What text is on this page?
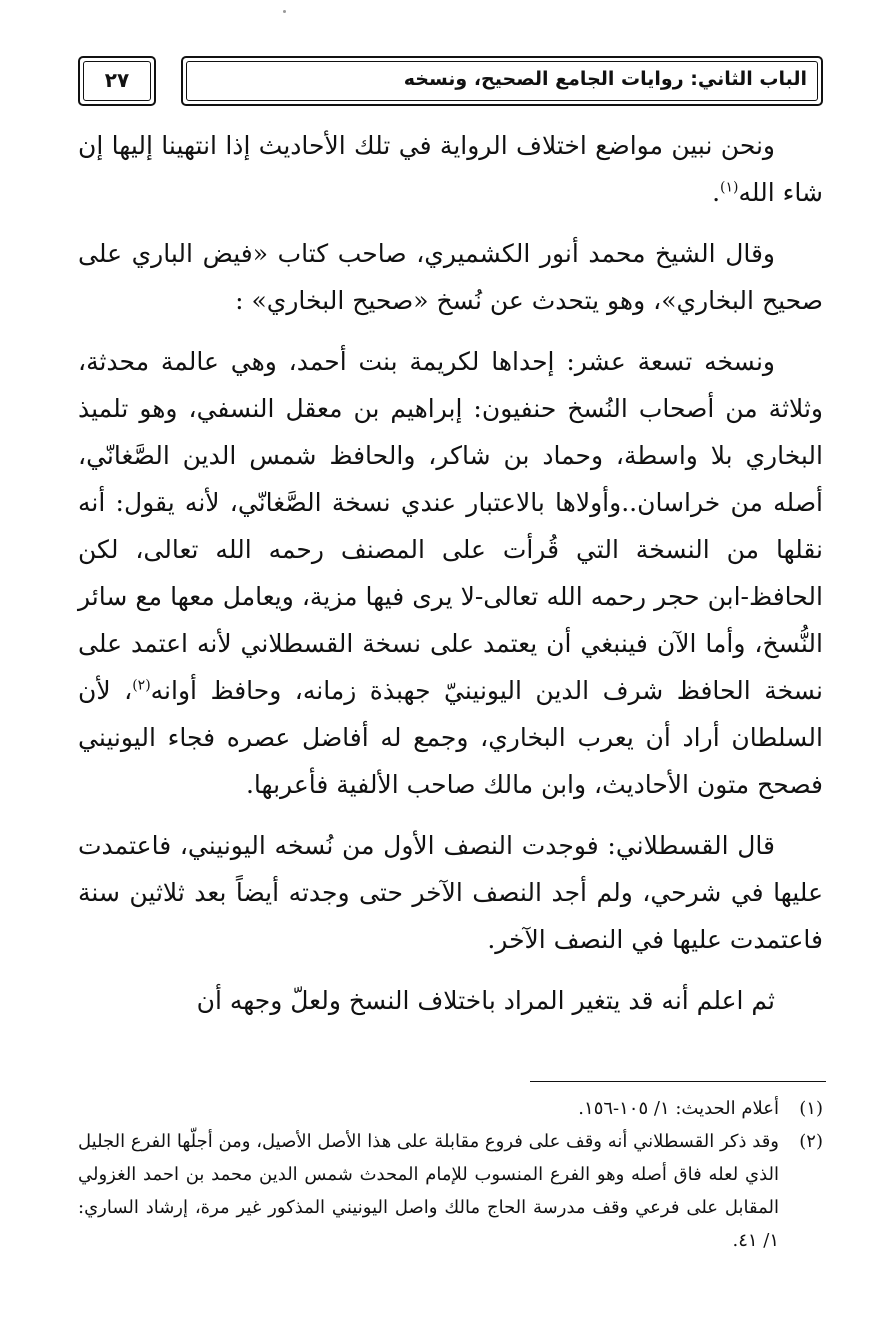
٢٧	الباب الثاني: روايات الجامع الصحيح، ونسخه

ونحن نبين مواضع اختلاف الرواية في تلك الأحاديث إذا انتهينا إليها إن شاء الله$^{(١)}$.

وقال الشيخ محمد أنور الكشميري، صاحب كتاب «فيض الباري على صحيح البخاري»، وهو يتحدث عن نُسخ «صحيح البخاري» :

ونسخه تسعة عشر: إحداها لكريمة بنت أحمد، وهي عالمة محدثة، وثلاثة من أصحاب النُسخ حنفيون: إبراهيم بن معقل النسفي، وهو تلميذ البخاري بلا واسطة، وحماد بن شاكر، والحافظ شمس الدين الصَّغانّي، أصله من خراسان..وأولاها بالاعتبار عندي نسخة الصَّغانّي، لأنه يقول: أنه نقلها من النسخة التي قُرأت على المصنف رحمه الله تعالى، لكن الحافظ-ابن حجر رحمه الله تعالى-لا يرى فيها مزية، ويعامل معها مع سائر النُّسخ، وأما الآن فينبغي أن يعتمد على نسخة القسطلاني لأنه اعتمد على نسخة الحافظ شرف الدين اليونينيّ جهبذة زمانه، وحافظ أوانه$^{(٢)}$، لأن السلطان أراد أن يعرب البخاري، وجمع له أفاضل عصره فجاء اليونيني فصحح متون الأحاديث، وابن مالك صاحب الألفية فأعربها.

قال القسطلاني: فوجدت النصف الأول من نُسخه اليونيني، فاعتمدت عليها في شرحي، ولم أجد النصف الآخر حتى وجدته أيضاً بعد ثلاثين سنة فاعتمدت عليها في النصف الآخر.

ثم اعلم أنه قد يتغير المراد باختلاف النسخ ولعلّ وجهه أن

(١)
أعلام الحديث: ١/ ١٠٥-١٥٦.
(٢)
وقد ذكر القسطلاني أنه وقف على فروع مقابلة على هذا الأصل الأصيل، ومن أجلّها الفرع الجليل الذي لعله فاق أصله وهو الفرع المنسوب للإمام المحدث شمس الدين محمد بن احمد الغزولي المقابل على فرعي وقف مدرسة الحاج مالك واصل اليونيني المذكور غير مرة، إرشاد الساري: ١/ ٤١.
